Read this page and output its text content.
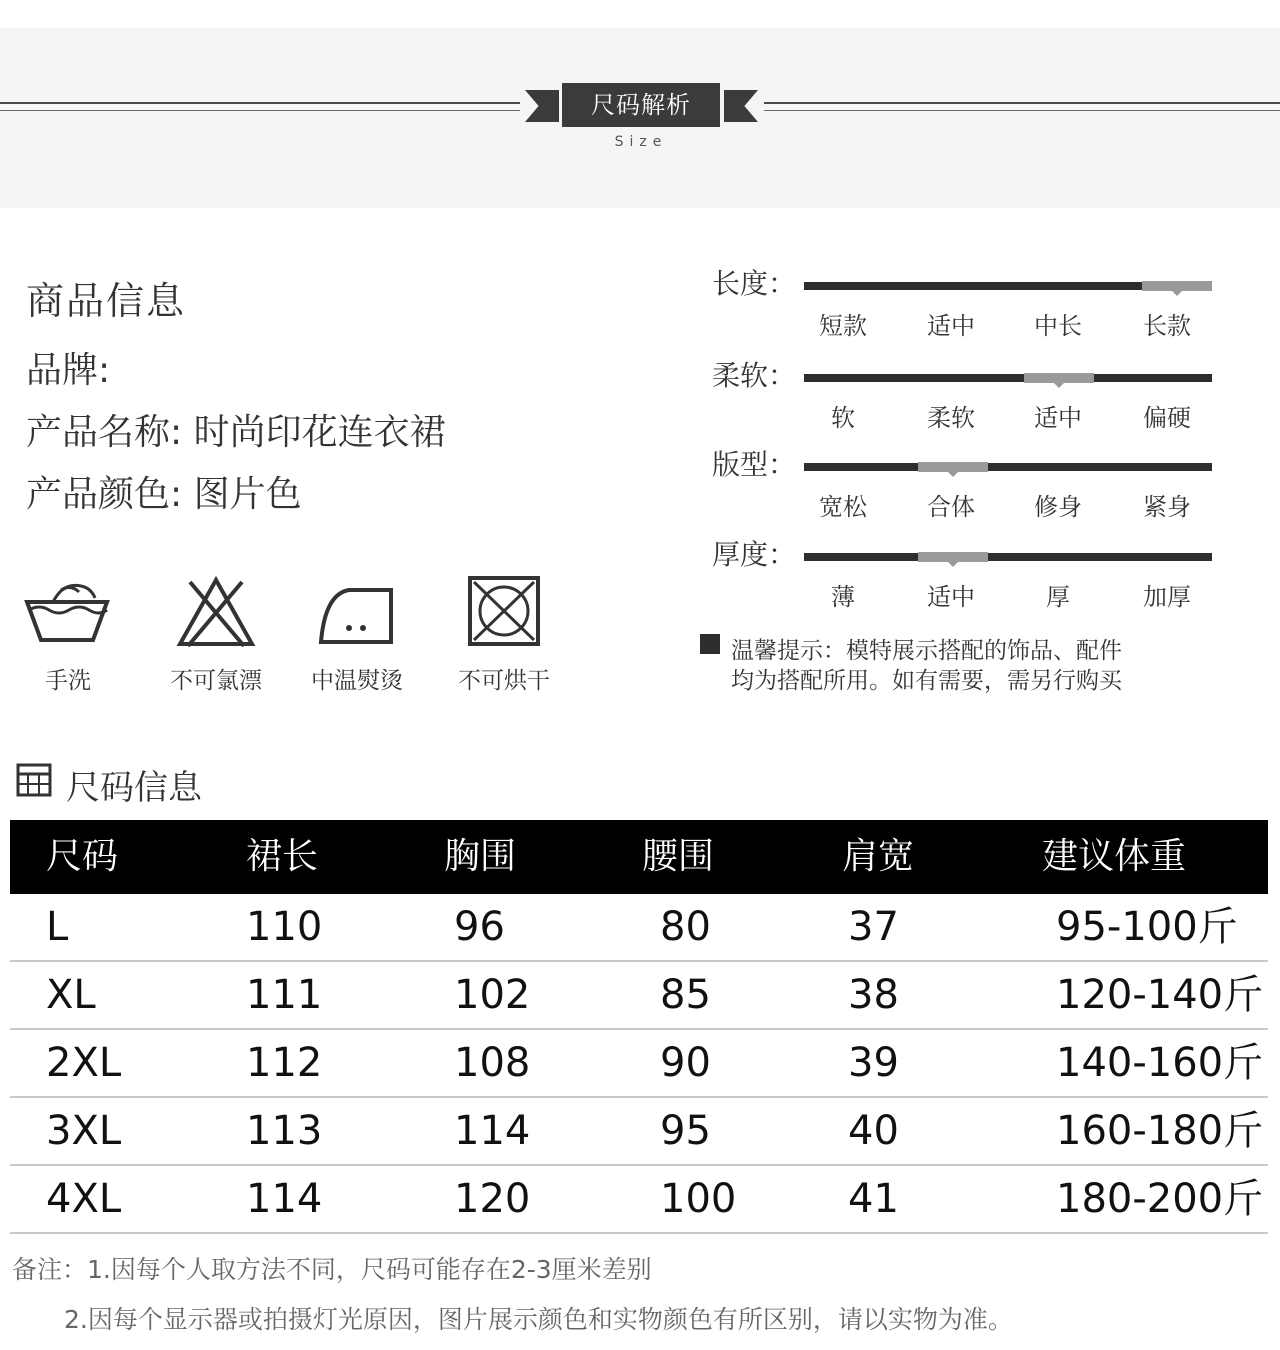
尺码解析
Size
商品信息
品牌:
产品名称: 时尚印花连衣裙
产品颜色: 图片色
手洗	不可氯漂	中温熨烫	不可烘干
长度：
短款	适中	中长	长款
柔软：
软	柔软	适中	偏硬
版型：
宽松	合体	修身	紧身
厚度：
薄	适中	厚	加厚
温馨提示：模特展示搭配的饰品、配件
均为搭配所用。如有需要，需另行购买
尺码信息
尺码	裙长	胸围	腰围	肩宽	建议体重
L	110	96	80	37	95-100斤
XL	111	102	85	38	120-140斤
2XL	112	108	90	39	140-160斤
3XL	113	114	95	40	160-180斤
4XL	114	120	100	41	180-200斤
备注：1.因每个人取方法不同，尺码可能存在2-3厘米差别
2.因每个显示器或拍摄灯光原因，图片展示颜色和实物颜色有所区别，请以实物为准。
